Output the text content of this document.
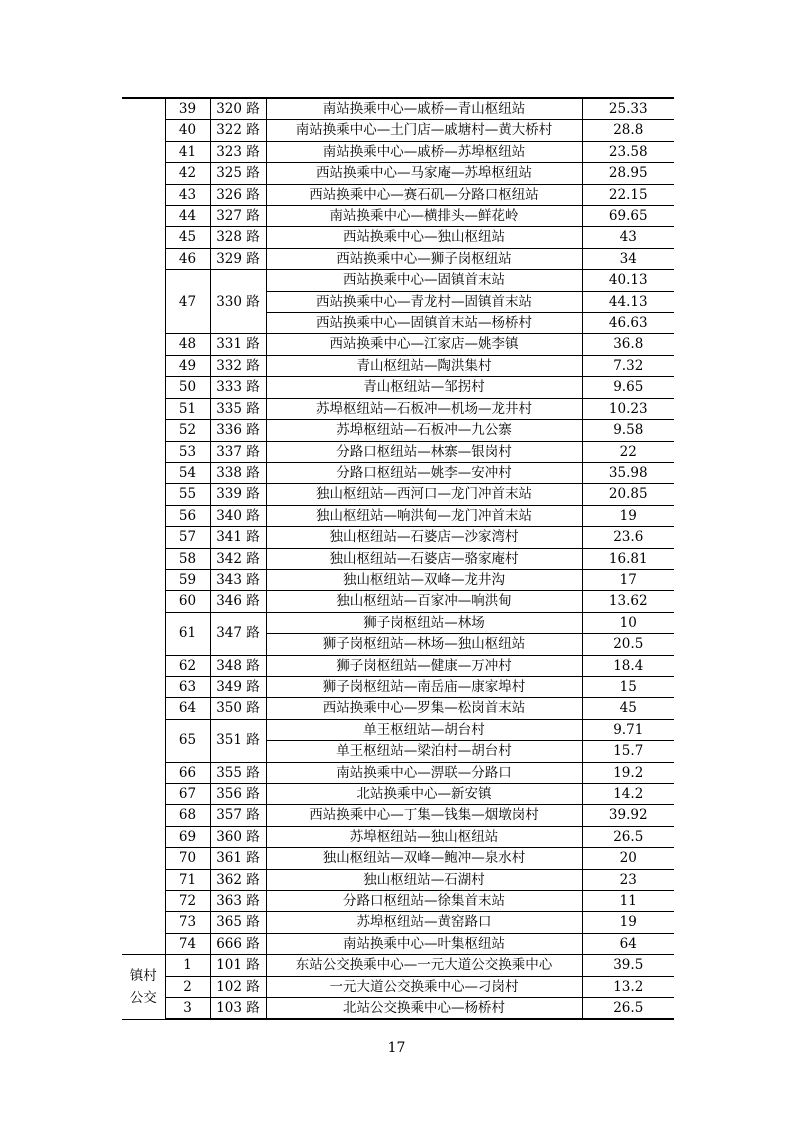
	39	320 路	南站换乘中心—戚桥—青山枢纽站	25.33
	40	322 路	南站换乘中心—土门店—戚塘村—黄大桥村	28.8
	41	323 路	南站换乘中心—戚桥—苏埠枢纽站	23.58
	42	325 路	西站换乘中心—马家庵—苏埠枢纽站	28.95
	43	326 路	西站换乘中心—赛石矶—分路口枢纽站	22.15
	44	327 路	南站换乘中心—横排头—鲜花岭	69.65
	45	328 路	西站换乘中心—独山枢纽站	43
	46	329 路	西站换乘中心—狮子岗枢纽站	34
	47	330 路	西站换乘中心—固镇首末站	40.13
			西站换乘中心—青龙村—固镇首末站	44.13
			西站换乘中心—固镇首末站—杨桥村	46.63
	48	331 路	西站换乘中心—江家店—姚李镇	36.8
	49	332 路	青山枢纽站—陶洪集村	7.32
	50	333 路	青山枢纽站—邹拐村	9.65
	51	335 路	苏埠枢纽站—石板冲—机场—龙井村	10.23
	52	336 路	苏埠枢纽站—石板冲—九公寨	9.58
	53	337 路	分路口枢纽站—林寨—银岗村	22
	54	338 路	分路口枢纽站—姚李—安冲村	35.98
	55	339 路	独山枢纽站—西河口—龙门冲首末站	20.85
	56	340 路	独山枢纽站—响洪甸—龙门冲首末站	19
	57	341 路	独山枢纽站—石婆店—沙家湾村	23.6
	58	342 路	独山枢纽站—石婆店—骆家庵村	16.81
	59	343 路	独山枢纽站—双峰—龙井沟	17
	60	346 路	独山枢纽站—百家冲—响洪甸	13.62
	61	347 路	狮子岗枢纽站—林场	10
			狮子岗枢纽站—林场—独山枢纽站	20.5
	62	348 路	狮子岗枢纽站—健康—万冲村	18.4
	63	349 路	狮子岗枢纽站—南岳庙—康家埠村	15
	64	350 路	西站换乘中心—罗集—松岗首末站	45
	65	351 路	单王枢纽站—胡台村	9.71
			单王枢纽站—梁泊村—胡台村	15.7
	66	355 路	南站换乘中心—淠联—分路口	19.2
	67	356 路	北站换乘中心—新安镇	14.2
	68	357 路	西站换乘中心—丁集—钱集—烟墩岗村	39.92
	69	360 路	苏埠枢纽站—独山枢纽站	26.5
	70	361 路	独山枢纽站—双峰—鲍冲—泉水村	20
	71	362 路	独山枢纽站—石湖村	23
	72	363 路	分路口枢纽站—徐集首末站	11
	73	365 路	苏埠枢纽站—黄窑路口	19
	74	666 路	南站换乘中心—叶集枢纽站	64

镇村
公交	1	101 路	东站公交换乘中心—一元大道公交换乘中心	39.5
	2	102 路	一元大道公交换乘中心—刁岗村	13.2
	3	103 路	北站公交换乘中心—杨桥村	26.5
17
